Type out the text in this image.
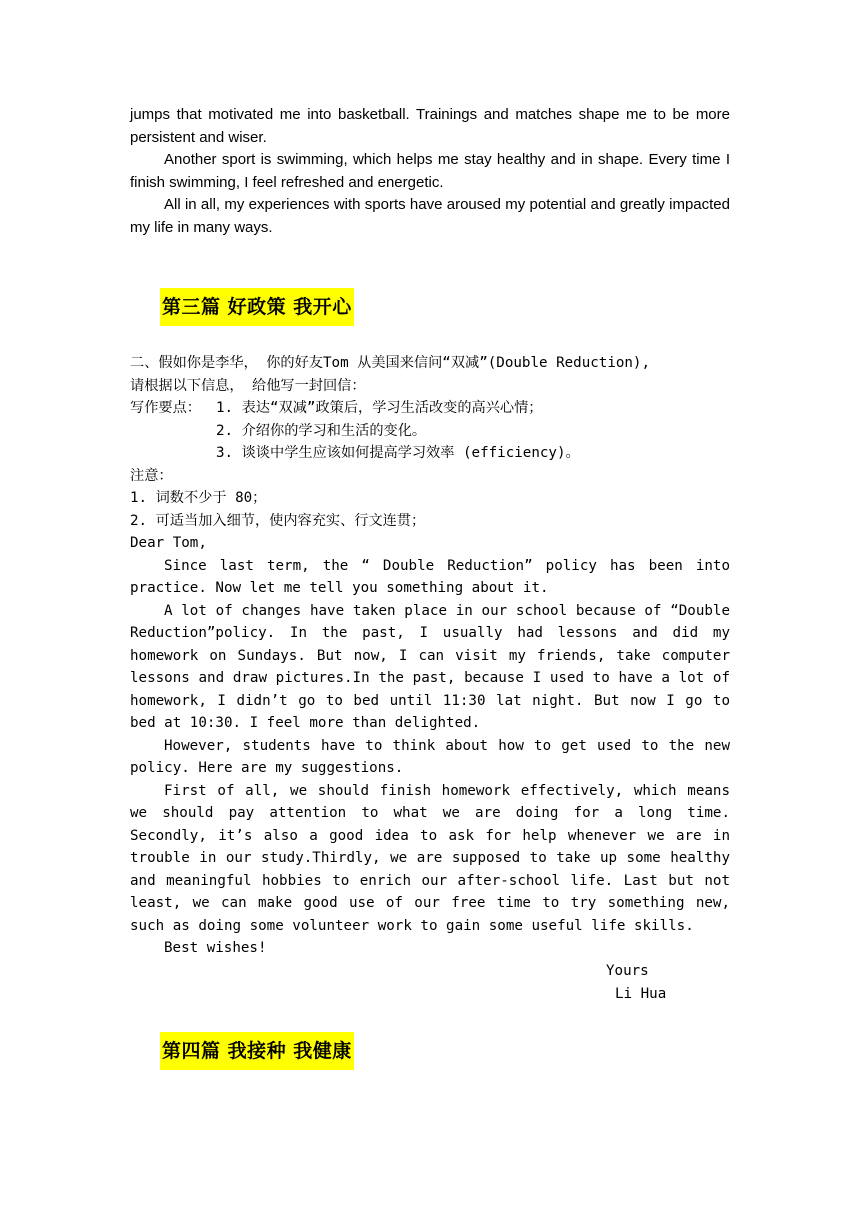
jumps that motivated me into basketball. Trainings and matches shape me to be more persistent and wiser.

Another sport is swimming, which helps me stay healthy and in shape. Every time I finish swimming, I feel refreshed and energetic.

All in all, my experiences with sports have aroused my potential and greatly impacted my life in many ways.

第三篇 好政策 我开心
二、假如你是李华， 你的好友Tom 从美国来信问“双减”(Double Reduction),
请根据以下信息， 给他写一封回信：
写作要点： 1. 表达“双减”政策后，学习生活改变的高兴心情；
2. 介绍你的学习和生活的变化。
3. 谈谈中学生应该如何提高学习效率 (efficiency)。
注意：
1. 词数不少于 80；
2. 可适当加入细节，使内容充实、行文连贯；

Dear Tom,

Since last term, the “ Double Reduction” policy has been into practice. Now let me tell you something about it.

A lot of changes have taken place in our school because of “Double Reduction”policy. In the past, I usually had lessons and did my homework on Sundays. But now, I can visit my friends, take computer lessons and draw pictures.In the past, because I used to have a lot of homework, I didn’t go to bed until 11:30 lat night. But now I go to bed at 10:30. I feel more than delighted.

However, students have to think about how to get used to the new policy. Here are my suggestions.

First of all, we should finish homework effectively, which means we should pay attention to what we are doing for a long time. Secondly, it’s also a good idea to ask for help whenever we are in trouble in our study.Thirdly, we are supposed to take up some healthy and meaningful hobbies to enrich our after-school life. Last but not least, we can make good use of our free time to try something new, such as doing some volunteer work to gain some useful life skills.

Best wishes!

Yours
Li Hua
第四篇 我接种 我健康
